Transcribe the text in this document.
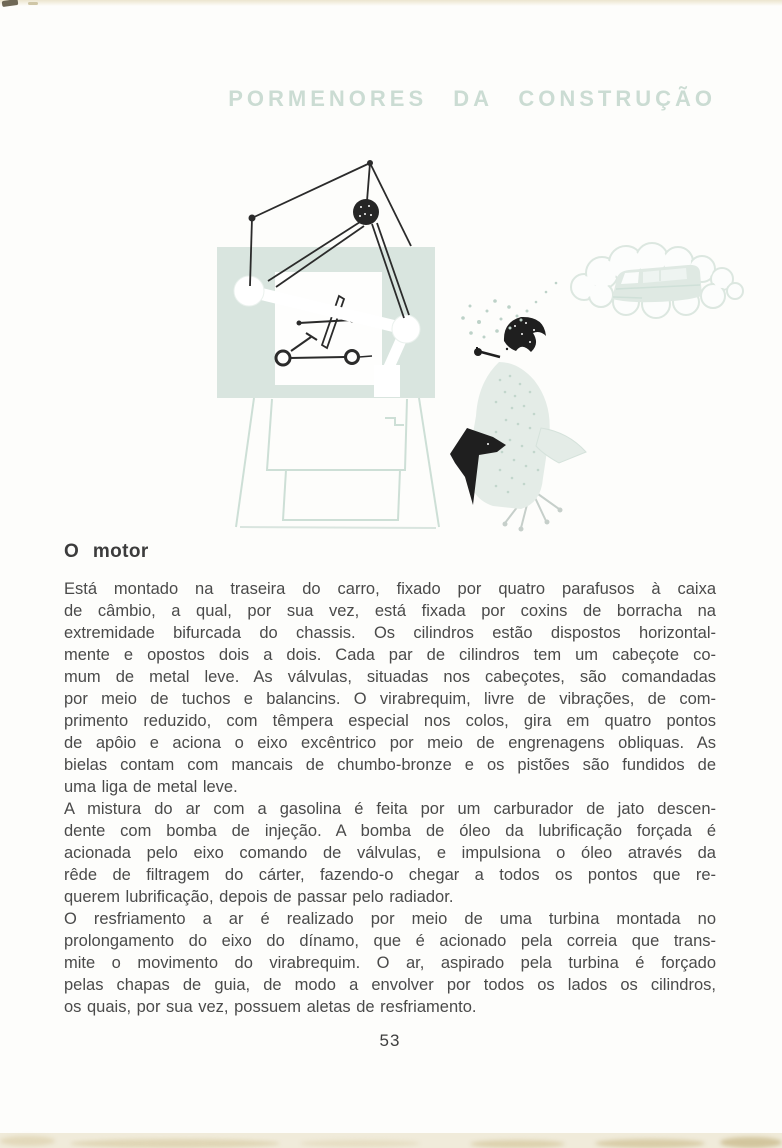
PORMENORES DA CONSTRUÇÃO
O motor
Está montado na traseira do carro, fixado por quatro parafusos à caixa
de câmbio, a qual, por sua vez, está fixada por coxins de borracha na
extremidade bifurcada do chassis. Os cilindros estão dispostos horizontal-
mente e opostos dois a dois. Cada par de cilindros tem um cabeçote co-
mum de metal leve. As válvulas, situadas nos cabeçotes, são comandadas
por meio de tuchos e balancins. O virabrequim, livre de vibrações, de com-
primento reduzido, com têmpera especial nos colos, gira em quatro pontos
de apôio e aciona o eixo excêntrico por meio de engrenagens obliquas. As
bielas contam com mancais de chumbo-bronze e os pistões são fundidos de
uma liga de metal leve.
A mistura do ar com a gasolina é feita por um carburador de jato descen-
dente com bomba de injeção. A bomba de óleo da lubrificação forçada é
acionada pelo eixo comando de válvulas, e impulsiona o óleo através da
rêde de filtragem do cárter, fazendo-o chegar a todos os pontos que re-
querem lubrificação, depois de passar pelo radiador.
O resfriamento a ar é realizado por meio de uma turbina montada no
prolongamento do eixo do dínamo, que é acionado pela correia que trans-
mite o movimento do virabrequim. O ar, aspirado pela turbina é forçado
pelas chapas de guia, de modo a envolver por todos os lados os cilindros,
os quais, por sua vez, possuem aletas de resfriamento.
53
